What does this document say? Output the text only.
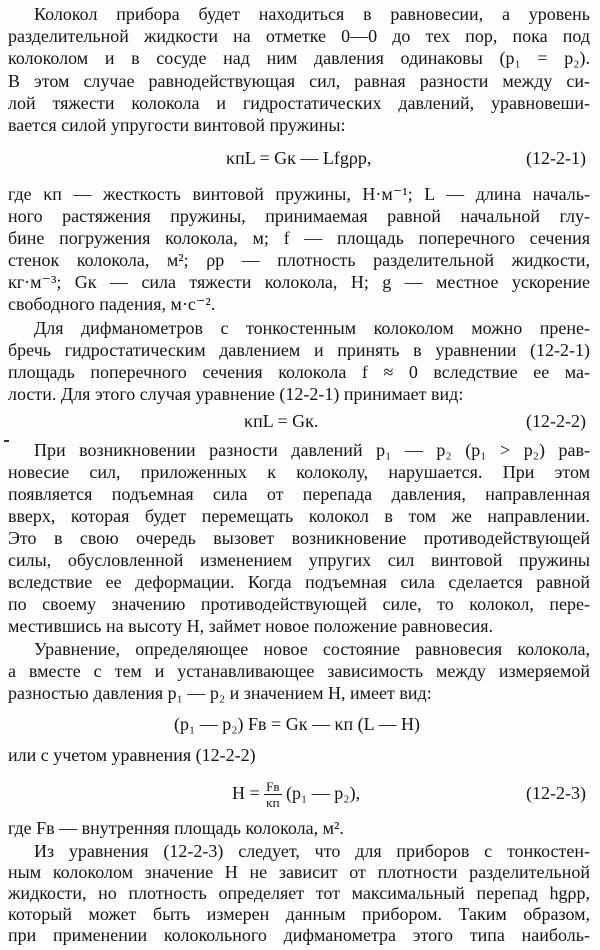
Колокол прибора будет находиться в равновесии, а уровень
разделительной жидкости на отметке 0—0 до тех пор, пока под
колоколом и в сосуде над ним давления одинаковы (p₁ = p₂).
В этом случае равнодействующая сил, равная разности между си-
лой тяжести колокола и гидростатических давлений, уравновеши-
вается силой упругости винтовой пружины:
κпL = Gк — Lfgρр,	(12-2-1)
где κп — жесткость винтовой пружины, Н·м⁻¹; L — длина началь-
ного растяжения пружины, принимаемая равной начальной глу-
бине погружения колокола, м; f — площадь поперечного сечения
стенок колокола, м²; ρр — плотность разделительной жидкости,
кг·м⁻³; Gк — сила тяжести колокола, Н; g — местное ускорение
свободного падения, м·с⁻².
Для дифманометров с тонкостенным колоколом можно прене-
бречь гидростатическим давлением и принять в уравнении (12-2-1)
площадь поперечного сечения колокола f ≈ 0 вследствие ее ма-
лости. Для этого случая уравнение (12-2-1) принимает вид:
κпL = Gк.	(12-2-2)
При возникновении разности давлений p₁ — p₂ (p₁ > p₂) рав-
новесие сил, приложенных к колоколу, нарушается. При этом
появляется подъемная сила от перепада давления, направленная
вверх, которая будет перемещать колокол в том же направлении.
Это в свою очередь вызовет возникновение противодействующей
силы, обусловленной изменением упругих сил винтовой пружины
вследствие ее деформации. Когда подъемная сила сделается равной
по своему значению противодействующей силе, то колокол, пере-
местившись на высоту H, займет новое положение равновесия.
Уравнение, определяющее новое состояние равновесия колокола,
а вместе с тем и устанавливающее зависимость между измеряемой
разностью давления p₁ — p₂ и значением H, имеет вид:
(p₁ — p₂) Fв = Gк — κп (L — H)
или с учетом уравнения (12-2-2)
$H = \frac{Fв}{\kappa п} (p_1$ — p₂),	(12-2-3)
где Fв — внутренняя площадь колокола, м².
Из уравнения (12-2-3) следует, что для приборов с тонкостен-
ным колоколом значение H не зависит от плотности разделительной
жидкости, но плотность определяет тот максимальный перепад hgρр,
который может быть измерен данным прибором. Таким образом,
при применении колокольного дифманометра этого типа наиболь-
